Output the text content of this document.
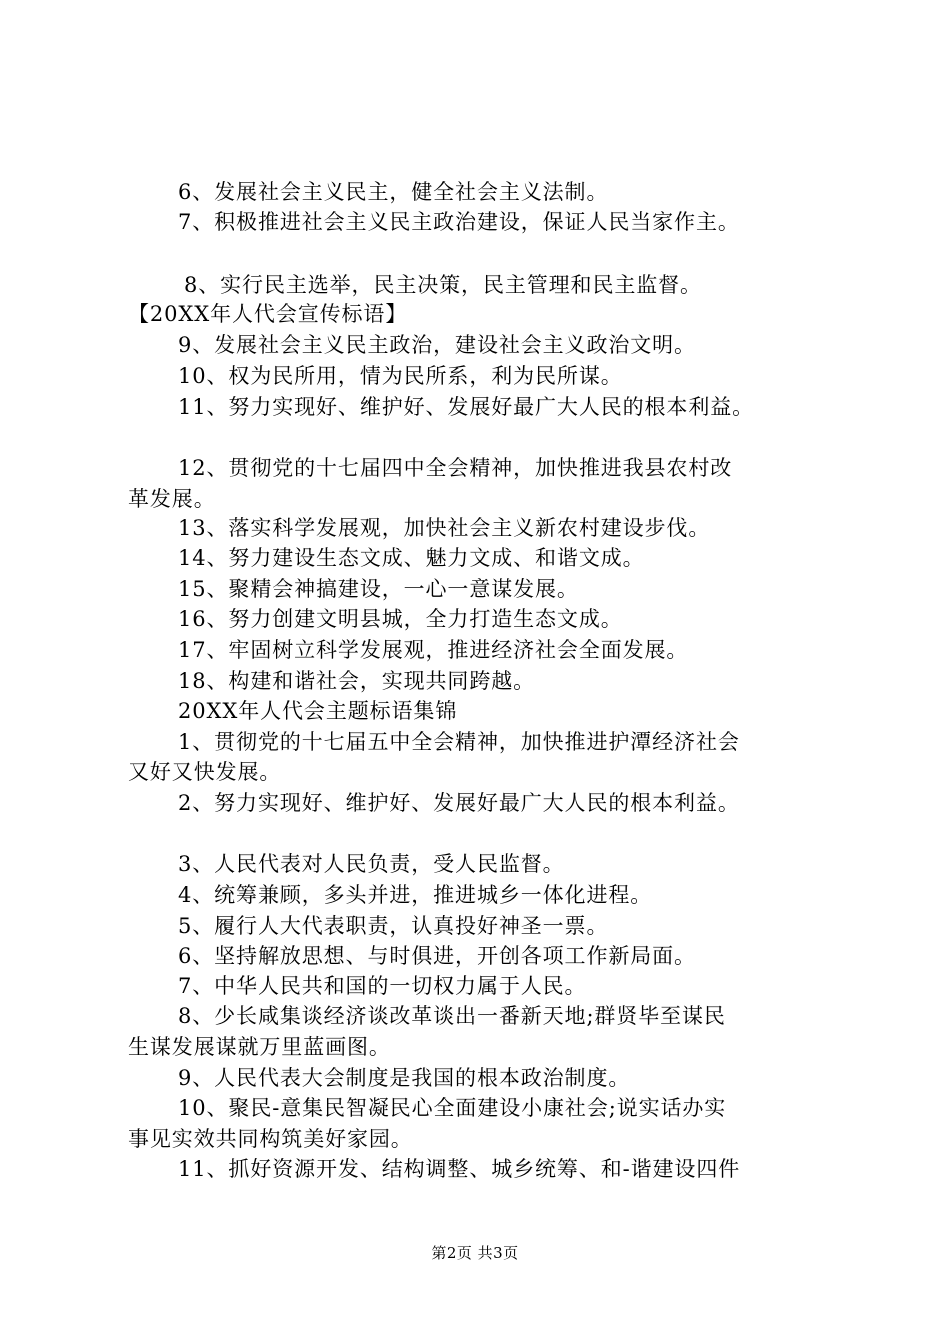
6、发展社会主义民主，健全社会主义法制。
7、积极推进社会主义民主政治建设，保证人民当家作主。
8、实行民主选举，民主决策，民主管理和民主监督。
【20XX年人代会宣传标语】
9、发展社会主义民主政治，建设社会主义政治文明。
10、权为民所用，情为民所系，利为民所谋。
11、努力实现好、维护好、发展好最广大人民的根本利益。
12、贯彻党的十七届四中全会精神，加快推进我县农村改
革发展。
13、落实科学发展观，加快社会主义新农村建设步伐。
14、努力建设生态文成、魅力文成、和谐文成。
15、聚精会神搞建设，一心一意谋发展。
16、努力创建文明县城，全力打造生态文成。
17、牢固树立科学发展观，推进经济社会全面发展。
18、构建和谐社会，实现共同跨越。
20XX年人代会主题标语集锦
1、贯彻党的十七届五中全会精神，加快推进护潭经济社会
又好又快发展。
2、努力实现好、维护好、发展好最广大人民的根本利益。
3、人民代表对人民负责，受人民监督。
4、统筹兼顾，多头并进，推进城乡一体化进程。
5、履行人大代表职责，认真投好神圣一票。
6、坚持解放思想、与时俱进，开创各项工作新局面。
7、中华人民共和国的一切权力属于人民。
8、少长咸集谈经济谈改革谈出一番新天地;群贤毕至谋民
生谋发展谋就万里蓝画图。
9、人民代表大会制度是我国的根本政治制度。
10、聚民-意集民智凝民心全面建设小康社会;说实话办实
事见实效共同构筑美好家园。
11、抓好资源开发、结构调整、城乡统筹、和-谐建设四件
第2页 共3页
